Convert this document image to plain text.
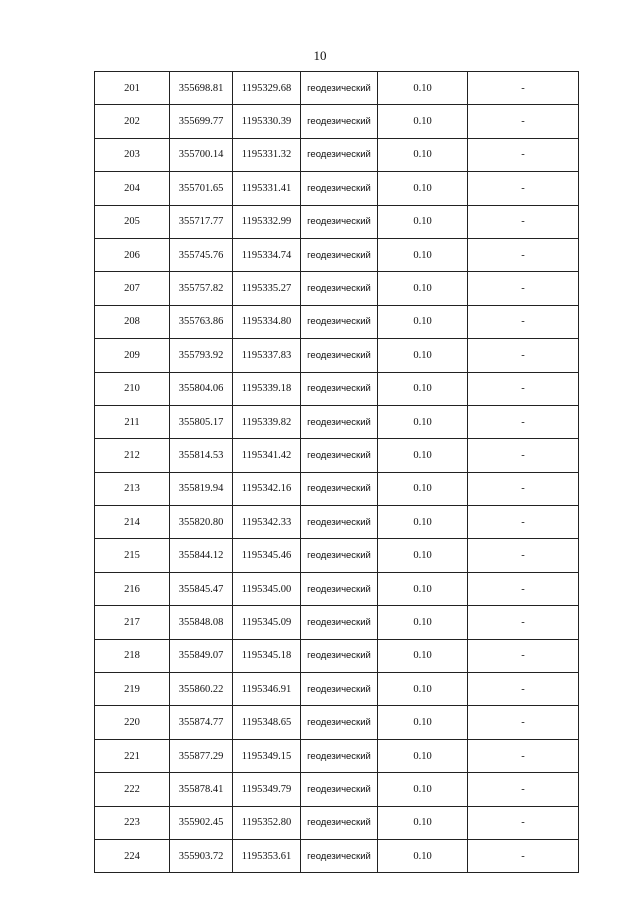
10
201	355698.81	1195329.68	геодезический	0.10	-
202	355699.77	1195330.39	геодезический	0.10	-
203	355700.14	1195331.32	геодезический	0.10	-
204	355701.65	1195331.41	геодезический	0.10	-
205	355717.77	1195332.99	геодезический	0.10	-
206	355745.76	1195334.74	геодезический	0.10	-
207	355757.82	1195335.27	геодезический	0.10	-
208	355763.86	1195334.80	геодезический	0.10	-
209	355793.92	1195337.83	геодезический	0.10	-
210	355804.06	1195339.18	геодезический	0.10	-
211	355805.17	1195339.82	геодезический	0.10	-
212	355814.53	1195341.42	геодезический	0.10	-
213	355819.94	1195342.16	геодезический	0.10	-
214	355820.80	1195342.33	геодезический	0.10	-
215	355844.12	1195345.46	геодезический	0.10	-
216	355845.47	1195345.00	геодезический	0.10	-
217	355848.08	1195345.09	геодезический	0.10	-
218	355849.07	1195345.18	геодезический	0.10	-
219	355860.22	1195346.91	геодезический	0.10	-
220	355874.77	1195348.65	геодезический	0.10	-
221	355877.29	1195349.15	геодезический	0.10	-
222	355878.41	1195349.79	геодезический	0.10	-
223	355902.45	1195352.80	геодезический	0.10	-
224	355903.72	1195353.61	геодезический	0.10	-
